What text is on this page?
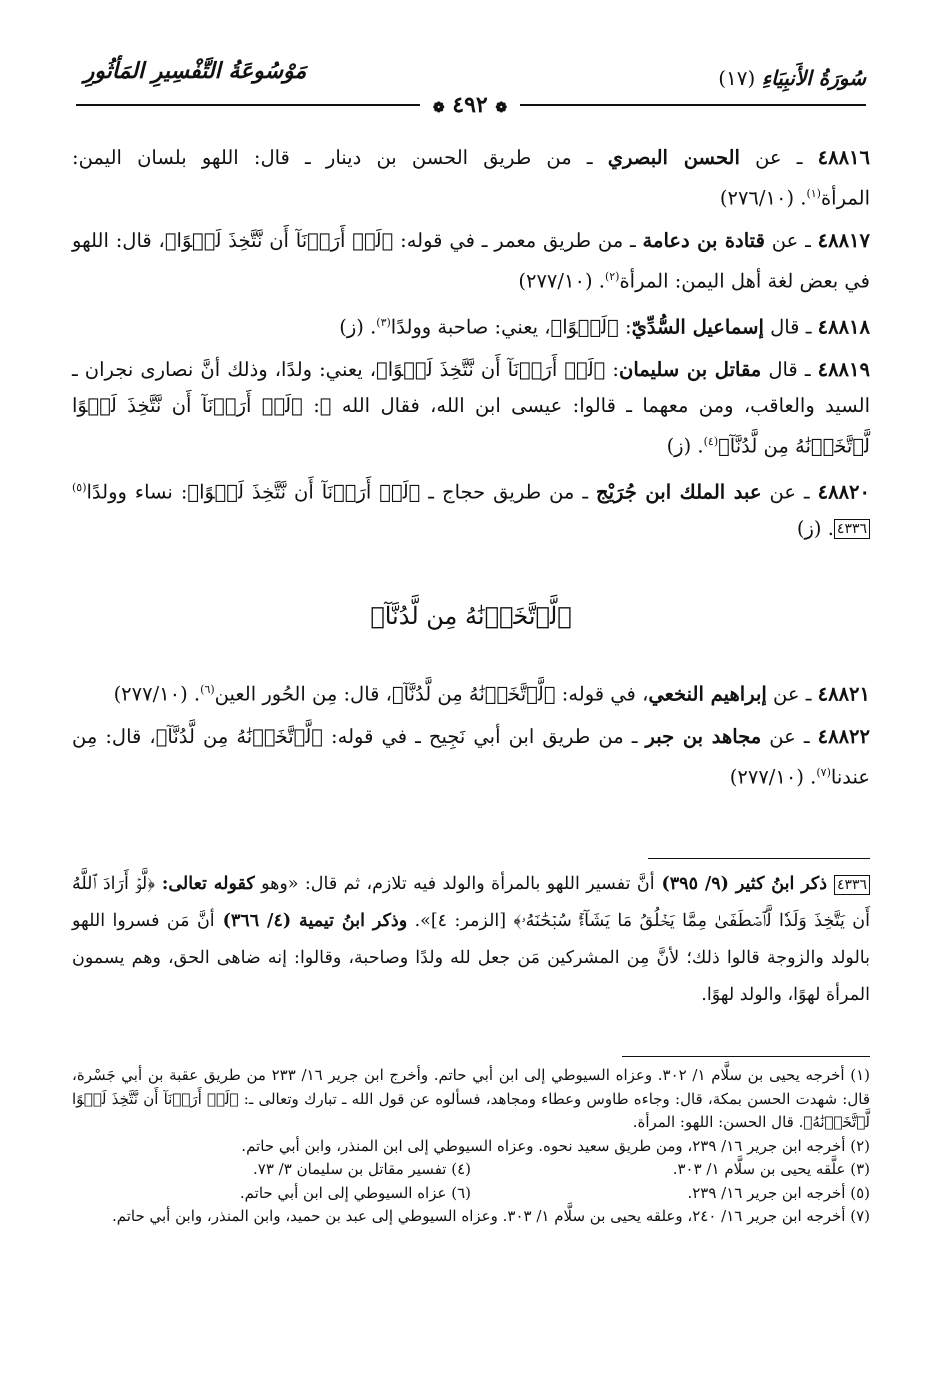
مَوْسُوعَةُ التَّفْسِيرِ المَأثُورِ	سُورَةُ الأَنبِيَاءِ (١٧)
❁ ٤٩٢ ❁

٤٨٨١٦ ـ عن الحسن البصري ـ من طريق الحسن بن دينار ـ قال: اللهو بلسان اليمن: المرأة$^{(١)}$. (٢٧٦/١٠)

٤٨٨١٧ ـ عن قتادة بن دعامة ـ من طريق معمر ـ في قوله: ﴿لَوۡ أَرَدۡنَآ أَن نَّتَّخِذَ لَهۡوًا﴾، قال: اللهو في بعض لغة أهل اليمن: المرأة$^{(٢)}$. (٢٧٧/١٠)

٤٨٨١٨ ـ قال إسماعيل السُّدِّيّ: ﴿لَهۡوًا﴾، يعني: صاحبة وولدًا$^{(٣)}$. (ز)

٤٨٨١٩ ـ قال مقاتل بن سليمان: ﴿لَوۡ أَرَدۡنَآ أَن نَّتَّخِذَ لَهۡوًا﴾، يعني: ولدًا، وذلك أنَّ نصارى نجران ـ السيد والعاقب، ومن معهما ـ قالوا: عيسى ابن الله، فقال الله ﷻ: ﴿لَوۡ أَرَدۡنَآ أَن نَّتَّخِذَ لَهۡوًا لَّٱتَّخَذۡنَٰهُ مِن لَّدُنَّآ﴾$^{(٤)}$. (ز)

٤٨٨٢٠ ـ عن عبد الملك ابن جُرَيْج ـ من طريق حجاج ـ ﴿لَوۡ أَرَدۡنَآ أَن نَّتَّخِذَ لَهۡوًا﴾: نساء وولدًا$^{(٥)}$٤٣٣٦. (ز)

﴿لَّٱتَّخَذۡنَٰهُ مِن لَّدُنَّآ﴾

٤٨٨٢١ ـ عن إبراهيم النخعي، في قوله: ﴿لَّٱتَّخَذۡنَٰهُ مِن لَّدُنَّآ﴾، قال: مِن الحُور العين$^{(٦)}$. (٢٧٧/١٠)

٤٨٨٢٢ ـ عن مجاهد بن جبر ـ من طريق ابن أبي نَجِيح ـ في قوله: ﴿لَّٱتَّخَذۡنَٰهُ مِن لَّدُنَّآ﴾، قال: مِن عندنا$^{(٧)}$. (٢٧٧/١٠)

٤٣٣٦ ذكر ابنُ كثير (٩/ ٣٩٥) أنَّ تفسير اللهو بالمرأة والولد فيه تلازم، ثم قال: «وهو كقوله تعالى: ﴿لَّوۡ أَرَادَ ٱللَّهُ أَن يَتَّخِذَ وَلَدٗا لَّٱصۡطَفَىٰ مِمَّا يَخۡلُقُ مَا يَشَآءُۚ سُبۡحَٰنَهُۥ﴾ [الزمر: ٤]». وذكر ابنُ تيمية (٤/ ٣٦٦) أنَّ مَن فسروا اللهو بالولد والزوجة قالوا ذلك؛ لأنَّ مِن المشركين مَن جعل لله ولدًا وصاحبة، وقالوا: إنه ضاهى الحق، وهم يسمون المرأة لهوًا، والولد لهوًا.

(١) أخرجه يحيى بن سلَّام ١/ ٣٠٢. وعزاه السيوطي إلى ابن أبي حاتم. وأخرج ابن جرير ١٦/ ٢٣٣ من طريق عقبة بن أبي جَسْرة، قال: شهدت الحسن بمكة، قال: وجاءه طاوس وعطاء ومجاهد، فسألوه عن قول الله ـ تبارك وتعالى ـ: ﴿لَوۡ أَرَدۡنَآ أَن نَّتَّخِذَ لَهۡوًا لَّٱتَّخَذۡنَٰهُ﴾. قال الحسن: اللهو: المرأة.

(٢) أخرجه ابن جرير ١٦/ ٢٣٩، ومن طريق سعيد نحوه. وعزاه السيوطي إلى ابن المنذر، وابن أبي حاتم.

(٣) علَّقه يحيى بن سلَّام ١/ ٣٠٣.

(٤) تفسير مقاتل بن سليمان ٣/ ٧٣.

(٥) أخرجه ابن جرير ١٦/ ٢٣٩.

(٦) عزاه السيوطي إلى ابن أبي حاتم.

(٧) أخرجه ابن جرير ١٦/ ٢٤٠، وعلقه يحيى بن سلَّام ١/ ٣٠٣. وعزاه السيوطي إلى عبد بن حميد، وابن المنذر، وابن أبي حاتم.
